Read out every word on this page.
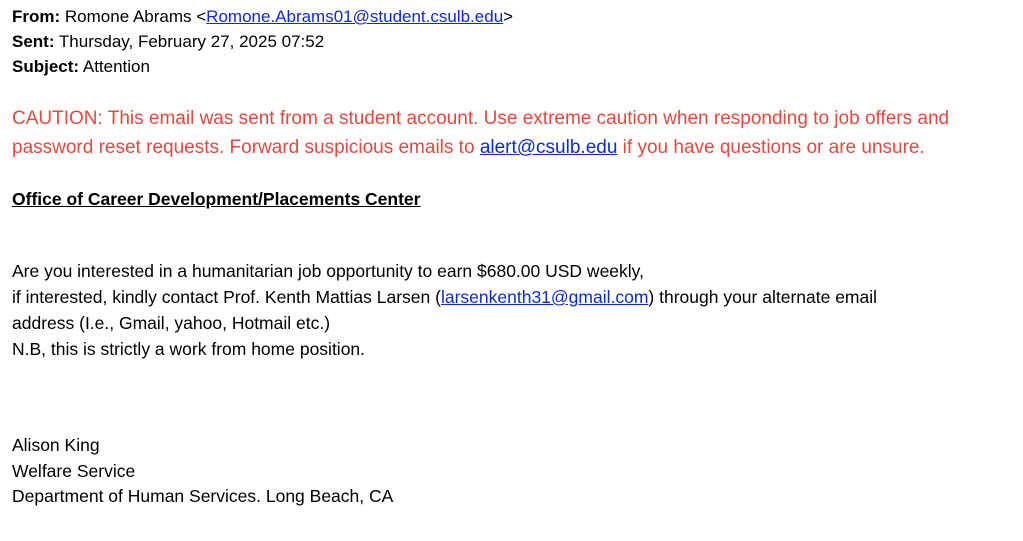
From: Romone Abrams <Romone.Abrams01@student.csulb.edu>
Sent: Thursday, February 27, 2025 07:52
Subject: Attention
CAUTION: This email was sent from a student account. Use extreme caution when responding to job offers and password reset requests. Forward suspicious emails to alert@csulb.edu if you have questions or are unsure.
Office of Career Development/Placements Center
Are you interested in a humanitarian job opportunity to earn $680.00 USD weekly,
if interested, kindly contact Prof. Kenth Mattias Larsen (larsenkenth31@gmail.com) through your alternate email
address (I.e., Gmail, yahoo, Hotmail etc.)
N.B, this is strictly a work from home position.
Alison King
Welfare Service
Department of Human Services. Long Beach, CA
